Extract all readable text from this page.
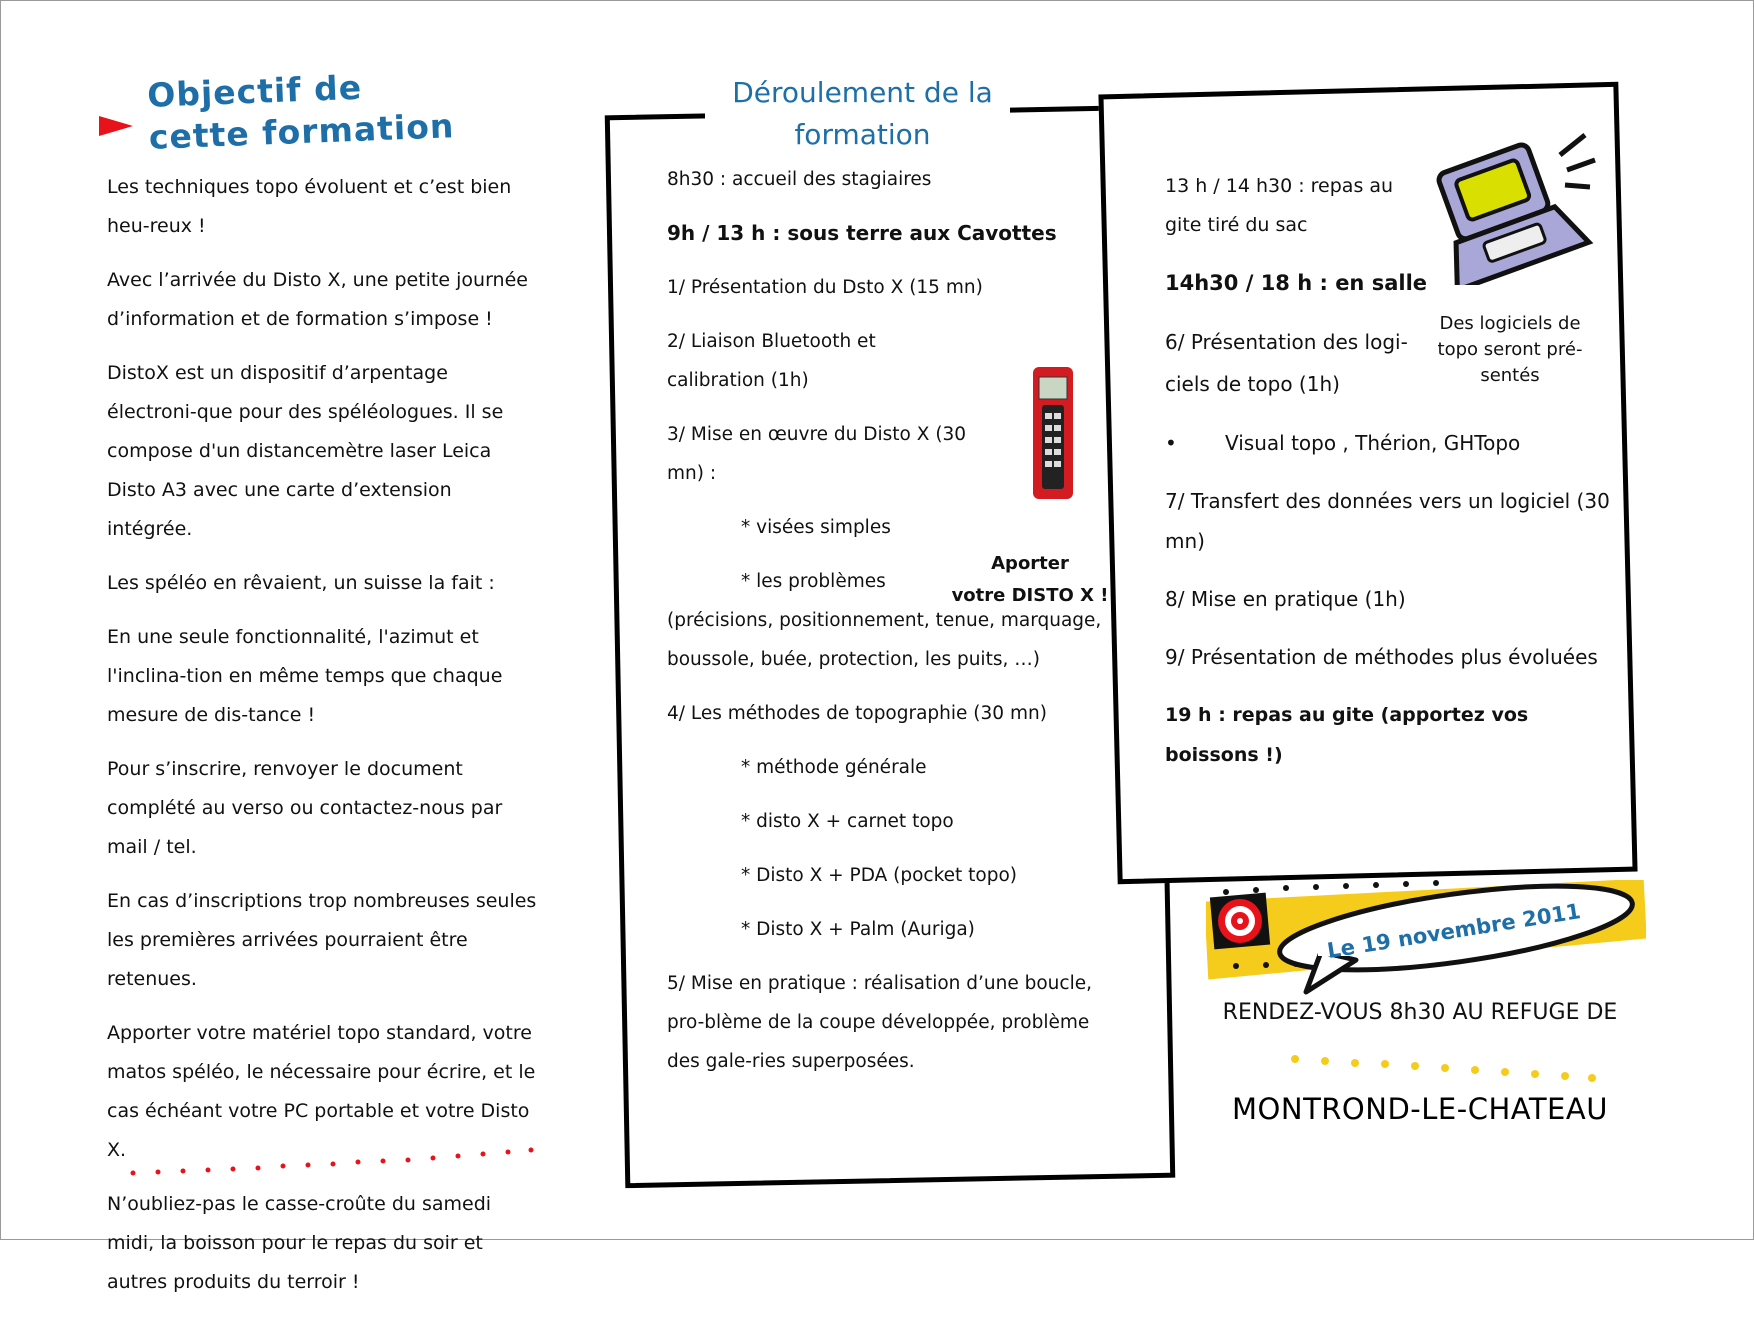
Objectif de
cette formation

Les techniques topo évoluent et c’est bien heu-reux !

Avec l’arrivée du Disto X, une petite journée d’information et de formation s’impose !

DistoX est un dispositif d’arpentage électroni-que pour des spéléologues. Il se compose d'un distancemètre laser Leica Disto A3 avec une carte d’extension intégrée.

Les spéléo en rêvaient, un suisse la fait :

En une seule fonctionnalité, l'azimut et l'inclina-tion en même temps que chaque mesure de dis-tance !

Pour s’inscrire, renvoyer le document complété au verso ou contactez-nous par mail / tel.

En cas d’inscriptions trop nombreuses seules les premières arrivées pourraient être retenues.

Apporter votre matériel topo standard, votre matos spéléo, le nécessaire pour écrire, et le cas échéant votre PC portable et votre Disto X.

N’oubliez-pas le casse-croûte du samedi midi, la boisson pour le repas du soir et autres produits du terroir !

Déroulement de la formation

8h30 : accueil des stagiaires

9h / 13 h : sous terre aux Cavottes

1/ Présentation du Dsto X (15 mn)

2/ Liaison Bluetooth et calibration (1h)

3/ Mise en œuvre du Disto X (30 mn) :

* visées simples

* les problèmes

(précisions, positionnement, tenue, marquage, boussole, buée, protection, les puits, …)

4/ Les méthodes de topographie (30 mn)

* méthode générale

* disto X + carnet topo

* Disto X + PDA (pocket topo)

* Disto X + Palm (Auriga)

5/ Mise en pratique : réalisation d’une boucle, pro-blème de la coupe développée, problème des gale-ries superposées.

Aporter
votre DISTO X !

13 h / 14 h30 : repas au gite tiré du sac

14h30 / 18 h : en salle

6/ Présentation des logi-ciels de topo (1h)

• Visual topo , Thérion, GHTopo

7/ Transfert des données vers un logiciel (30 mn)

8/ Mise en pratique (1h)

9/ Présentation de méthodes plus évoluées

19 h : repas au gite (apportez vos boissons !)

Des logiciels de topo seront pré-sentés
Le 19 novembre 2011
RENDEZ-VOUS 8h30 AU REFUGE DE
MONTROND-LE-CHATEAU
